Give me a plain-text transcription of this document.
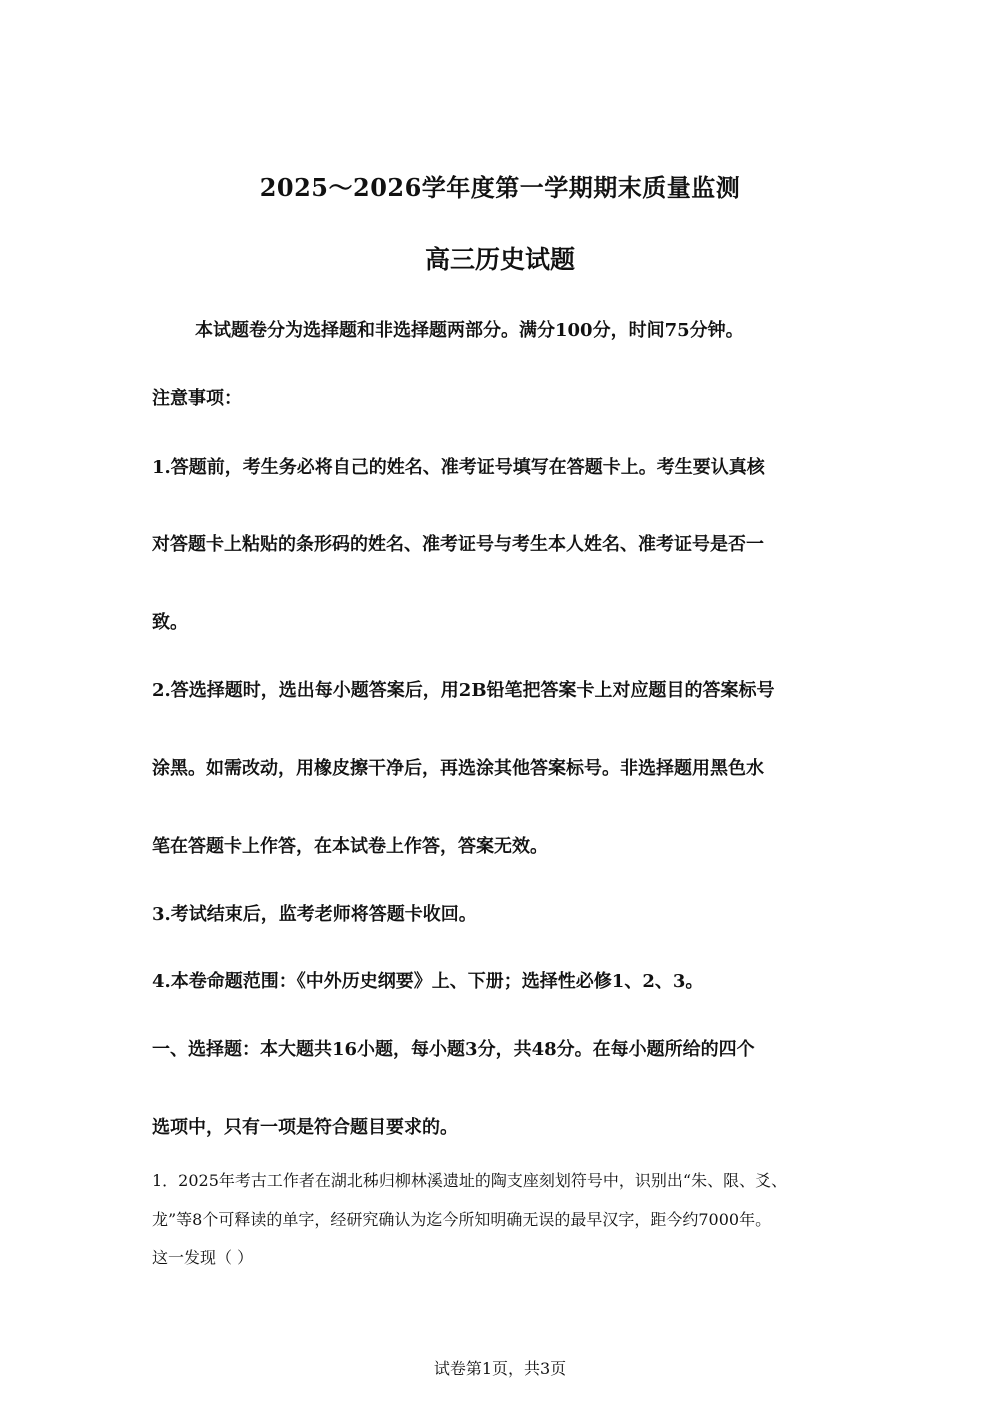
2025～2026学年度第一学期期末质量监测
高三历史试题
本试题卷分为选择题和非选择题两部分。满分100分，时间75分钟。
注意事项：
1.答题前，考生务必将自己的姓名、准考证号填写在答题卡上。考生要认真核
对答题卡上粘贴的条形码的姓名、准考证号与考生本人姓名、准考证号是否一
致。
2.答选择题时，选出每小题答案后，用2B铅笔把答案卡上对应题目的答案标号
涂黑。如需改动，用橡皮擦干净后，再选涂其他答案标号。非选择题用黑色水
笔在答题卡上作答，在本试卷上作答，答案无效。
3.考试结束后，监考老师将答题卡收回。
4.本卷命题范围：《中外历史纲要》上、下册；选择性必修1、2、3。
一、选择题：本大题共16小题，每小题3分，共48分。在每小题所给的四个
选项中，只有一项是符合题目要求的。
1．2025年考古工作者在湖北秭归柳林溪遗址的陶支座刻划符号中，识别出“朱、限、爻、
龙”等8个可释读的单字，经研究确认为迄今所知明确无误的最早汉字，距今约7000年。
这一发现（ ）
试卷第1页，共3页
